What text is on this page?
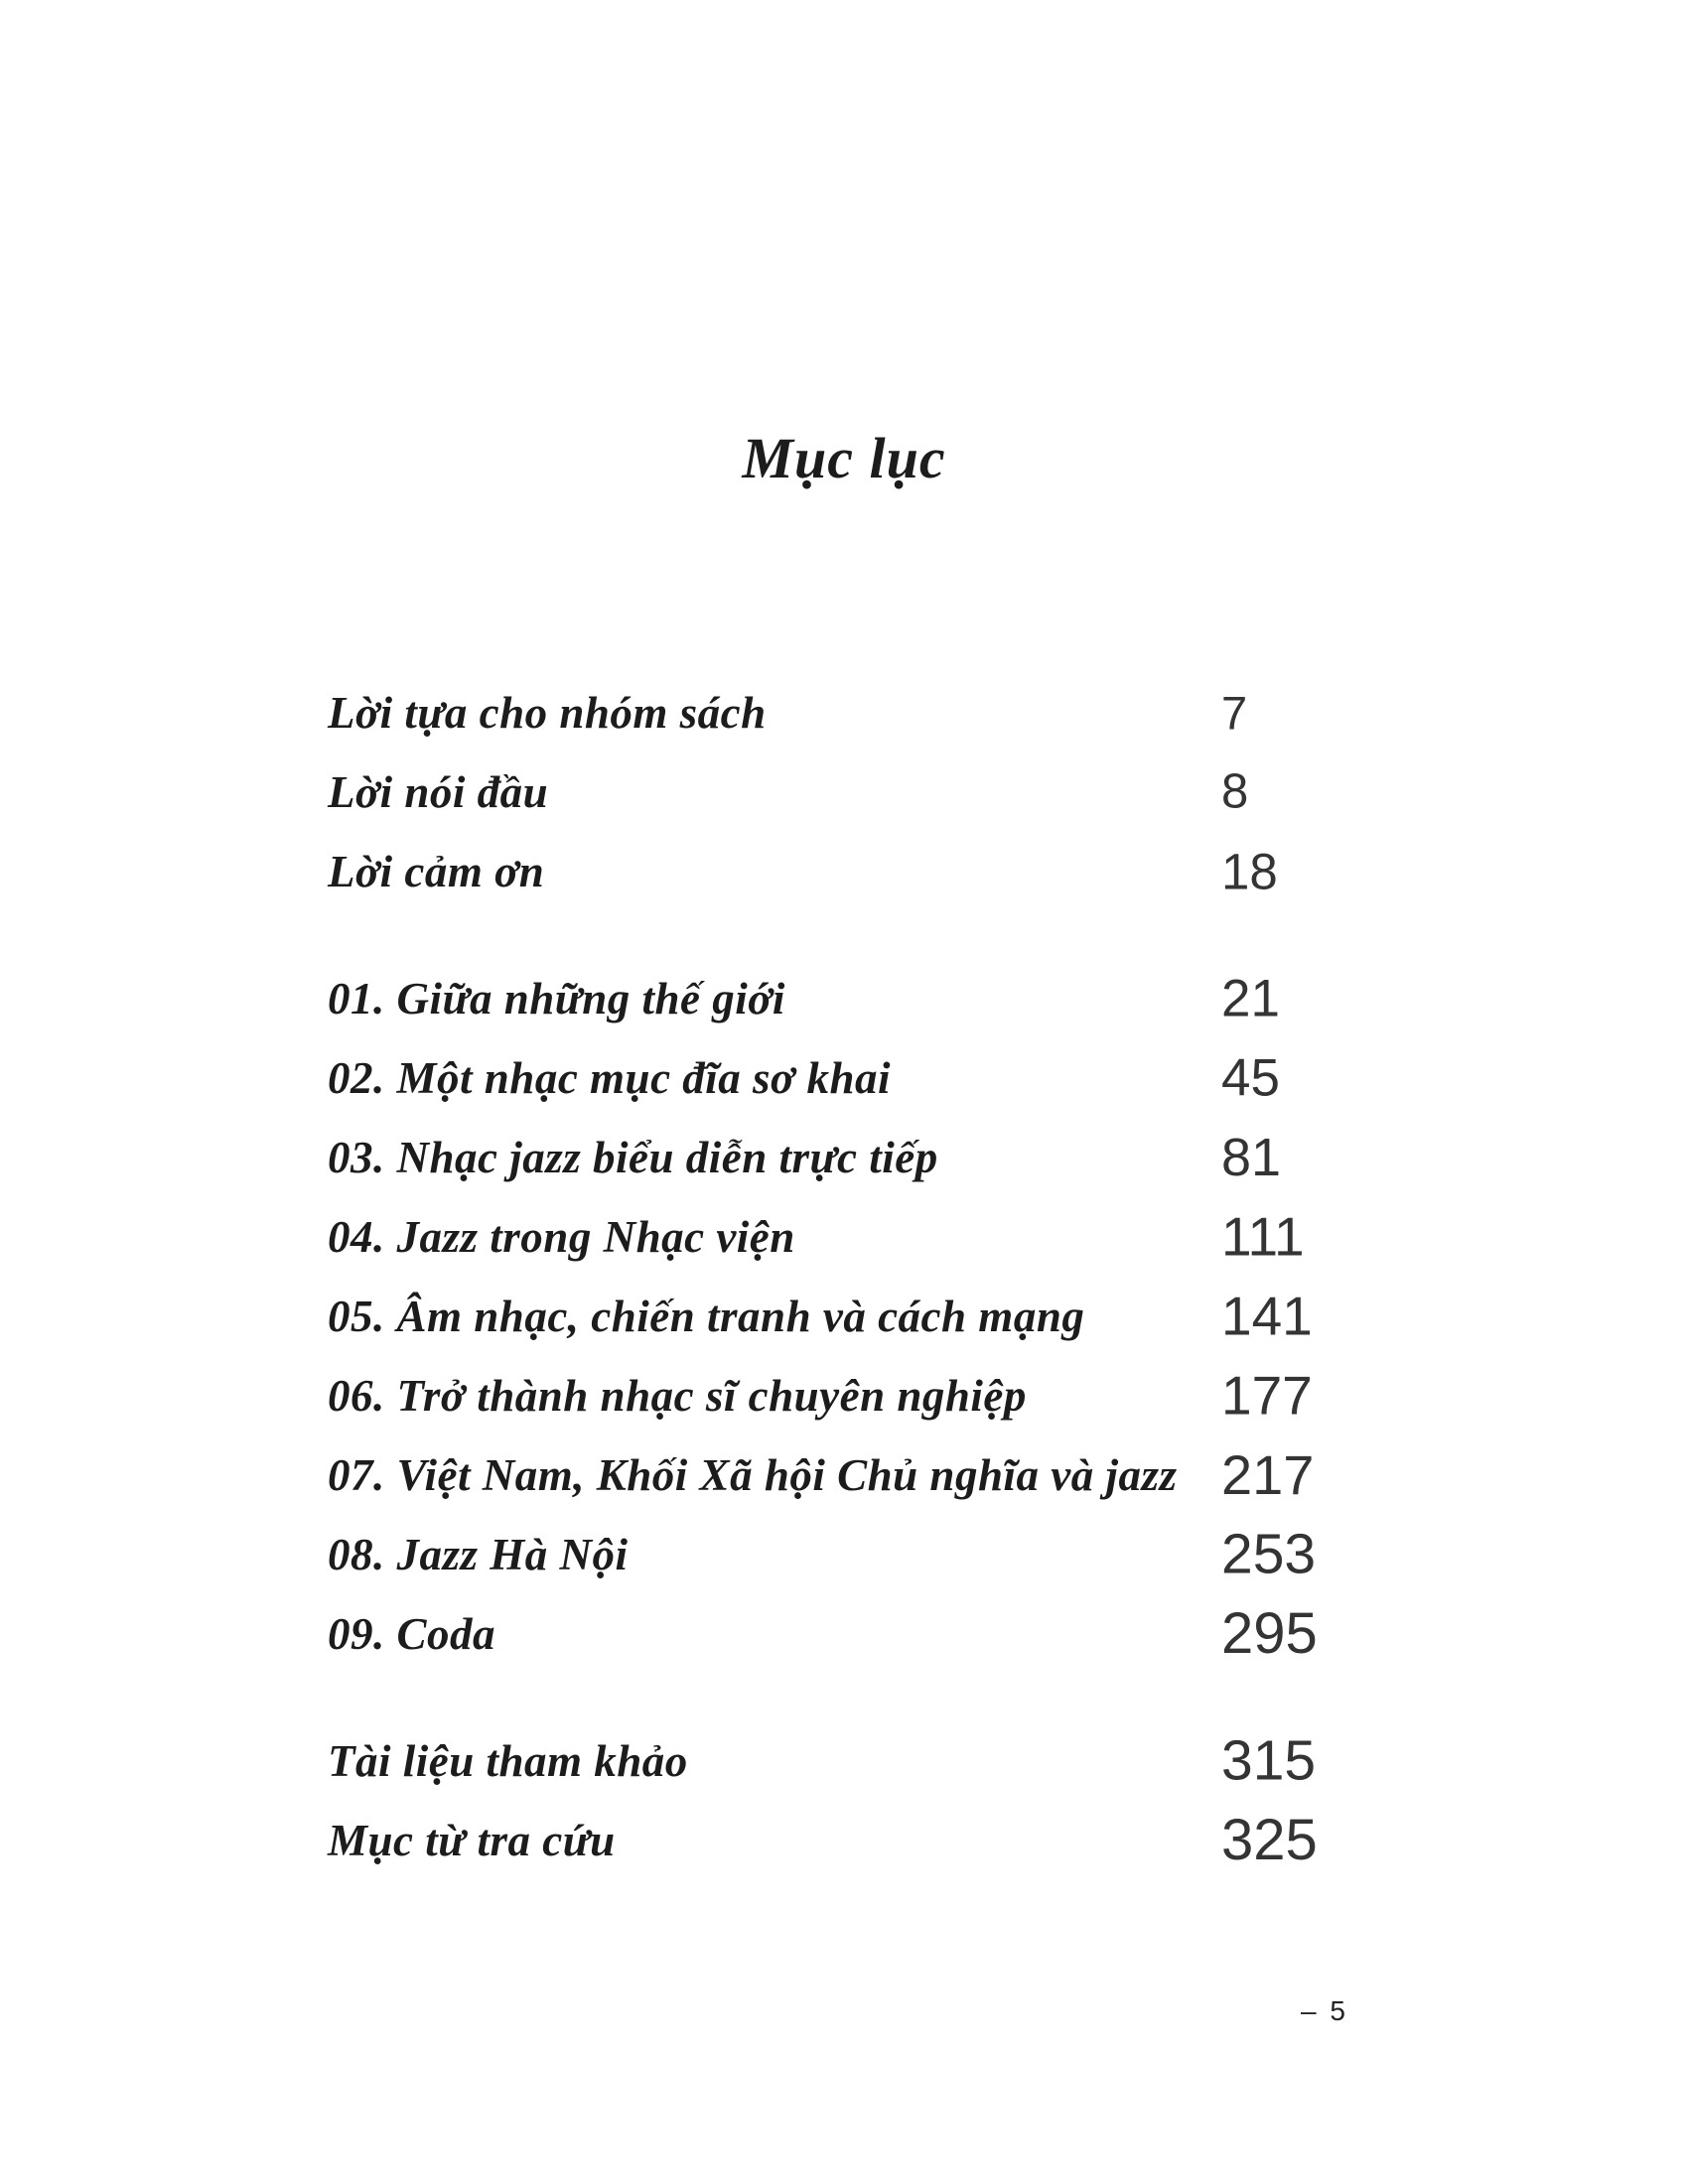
Mục lục
Lời tựa cho nhóm sách	7
Lời nói đầu	8
Lời cảm ơn	18
01. Giữa những thế giới	21
02. Một nhạc mục đĩa sơ khai	45
03. Nhạc jazz biểu diễn trực tiếp	81
04. Jazz trong Nhạc viện	111
05. Âm nhạc, chiến tranh và cách mạng	141
06. Trở thành nhạc sĩ chuyên nghiệp	177
07. Việt Nam, Khối Xã hội Chủ nghĩa và jazz 217
08. Jazz Hà Nội	253
09. Coda	295
Tài liệu tham khảo	315
Mục từ tra cứu	325
– 5
